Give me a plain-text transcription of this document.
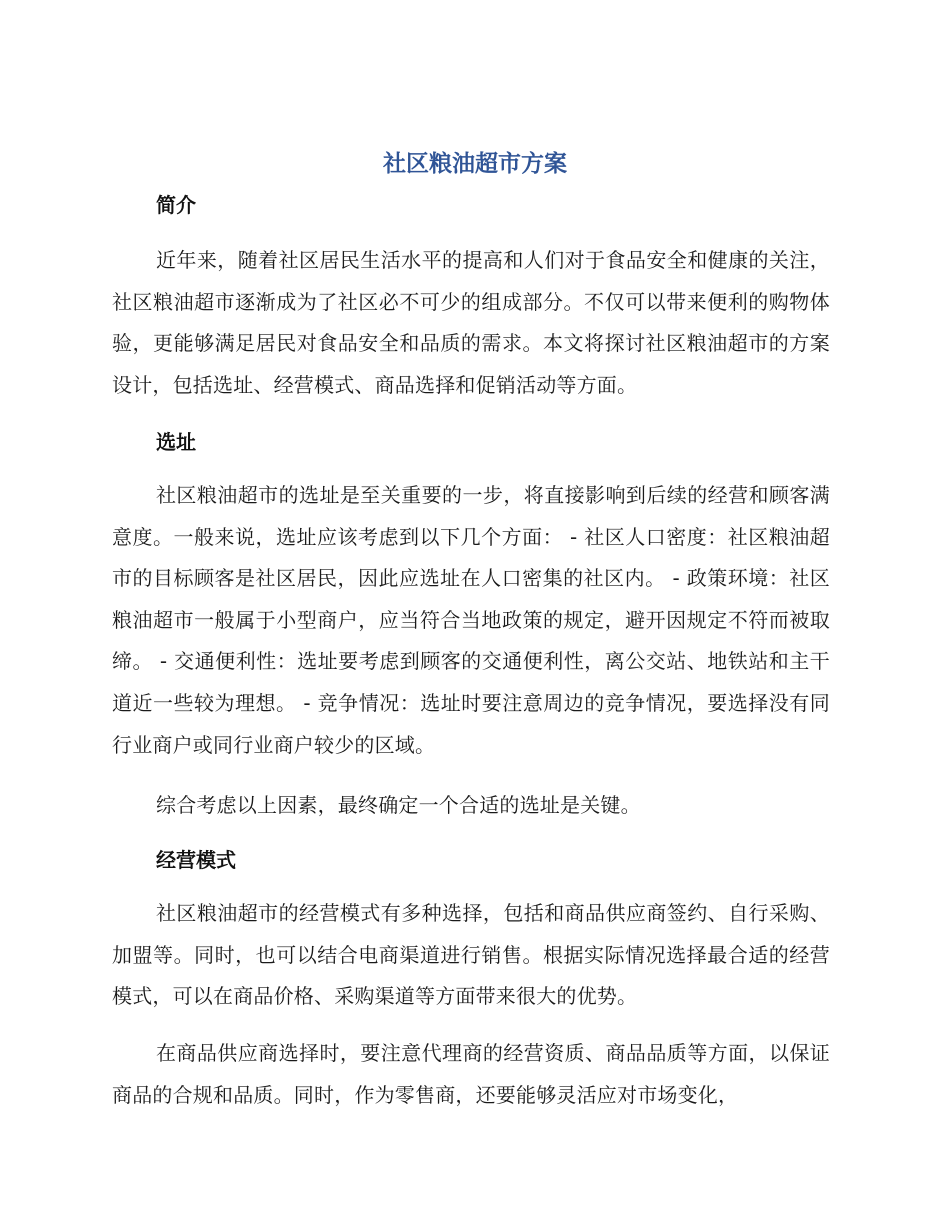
社区粮油超市方案
简介

近年来，随着社区居民生活水平的提高和人们对于食品安全和健康的关注，社区粮油超市逐渐成为了社区必不可少的组成部分。不仅可以带来便利的购物体验，更能够满足居民对食品安全和品质的需求。本文将探讨社区粮油超市的方案设计，包括选址、经营模式、商品选择和促销活动等方面。

选址

社区粮油超市的选址是至关重要的一步，将直接影响到后续的经营和顾客满意度。一般来说，选址应该考虑到以下几个方面： - 社区人口密度：社区粮油超市的目标顾客是社区居民，因此应选址在人口密集的社区内。 - 政策环境：社区粮油超市一般属于小型商户，应当符合当地政策的规定，避开因规定不符而被取缔。 - 交通便利性：选址要考虑到顾客的交通便利性，离公交站、地铁站和主干道近一些较为理想。 - 竞争情况：选址时要注意周边的竞争情况，要选择没有同行业商户或同行业商户较少的区域。

综合考虑以上因素，最终确定一个合适的选址是关键。

经营模式

社区粮油超市的经营模式有多种选择，包括和商品供应商签约、自行采购、加盟等。同时，也可以结合电商渠道进行销售。根据实际情况选择最合适的经营模式，可以在商品价格、采购渠道等方面带来很大的优势。

在商品供应商选择时，要注意代理商的经营资质、商品品质等方面，以保证商品的合规和品质。同时，作为零售商，还要能够灵活应对市场变化，
